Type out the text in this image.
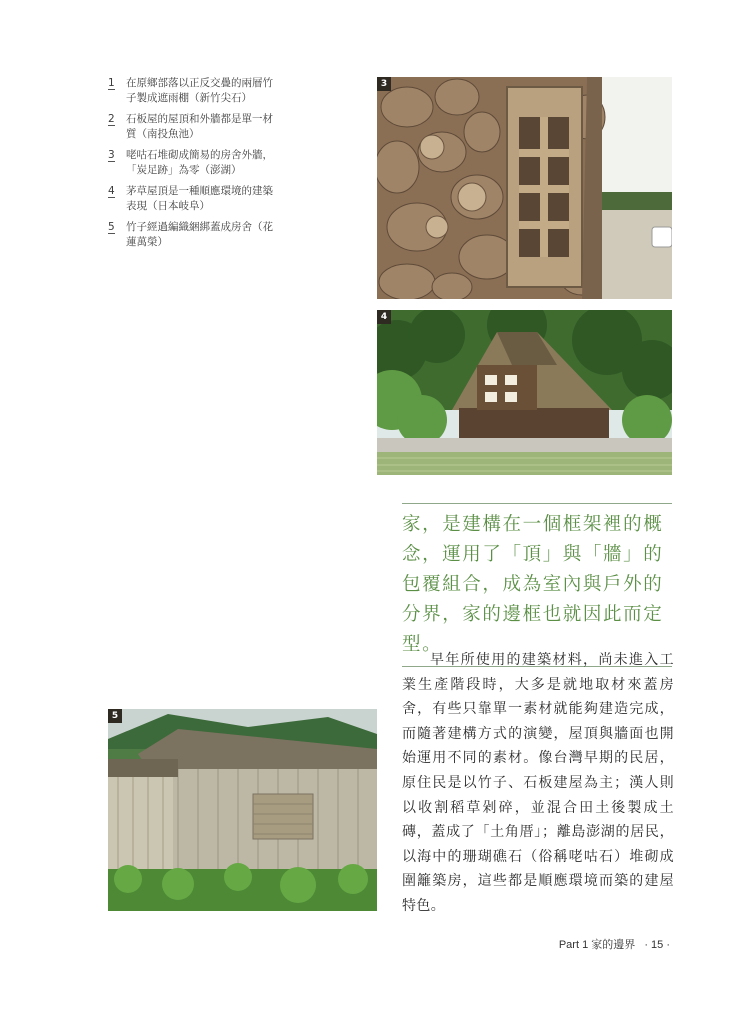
1	在原鄉部落以正反交疊的兩層竹子製成遮雨棚（新竹尖石）
2	石板屋的屋頂和外牆都是單一材質（南投魚池）
3	咾咕石堆砌成簡易的房舍外牆，「炭足跡」為零（澎湖）
4	茅草屋頂是一種順應環境的建築表現（日本岐阜）
5	竹子經過編織綑綁蓋成房舍（花蓮萬榮）
3
4
家，是建構在一個框架裡的概念，運用了「頂」與「牆」的包覆組合，成為室內與戶外的分界，家的邊框也就因此而定型。

早年所使用的建築材料，尚未進入工業生產階段時，大多是就地取材來蓋房舍，有些只靠單一素材就能夠建造完成，而隨著建構方式的演變，屋頂與牆面也開始運用不同的素材。像台灣早期的民居，原住民是以竹子、石板建屋為主；漢人則以收割稻草剁碎，並混合田土後製成土磚，蓋成了「土角厝」；離島澎湖的居民，以海中的珊瑚礁石（俗稱咾咕石）堆砌成圍籬築房，這些都是順應環境而築的建屋特色。

5
Part 1 家的邊界 · 15 ·
